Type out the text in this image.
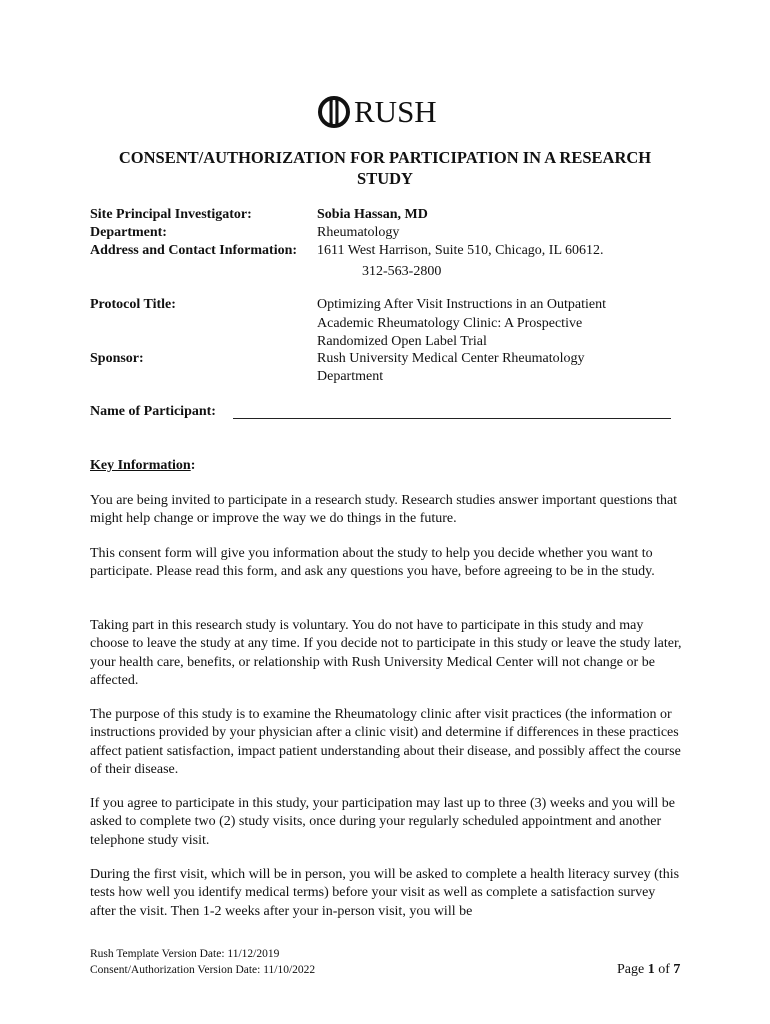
RUSH
CONSENT/AUTHORIZATION FOR PARTICIPATION IN A RESEARCH STUDY
Site Principal Investigator:	Sobia Hassan, MD
Department:	Rheumatology
Address and Contact Information: 1611 West Harrison, Suite 510, Chicago, IL 60612.
312-563-2800
Protocol Title:	Optimizing After Visit Instructions in an Outpatient
Academic Rheumatology Clinic: A Prospective
Randomized Open Label Trial
Sponsor:	Rush University Medical Center Rheumatology
Department
Name of Participant:
Key Information:

You are being invited to participate in a research study. Research studies answer important questions that might help change or improve the way we do things in the future.

This consent form will give you information about the study to help you decide whether you want to participate. Please read this form, and ask any questions you have, before agreeing to be in the study.

Taking part in this research study is voluntary. You do not have to participate in this study and may choose to leave the study at any time. If you decide not to participate in this study or leave the study later, your health care, benefits, or relationship with Rush University Medical Center will not change or be affected.

The purpose of this study is to examine the Rheumatology clinic after visit practices (the information or instructions provided by your physician after a clinic visit) and determine if differences in these practices affect patient satisfaction, impact patient understanding about their disease, and possibly affect the course of their disease.

If you agree to participate in this study, your participation may last up to three (3) weeks and you will be asked to complete two (2) study visits, once during your regularly scheduled appointment and another telephone study visit.

During the first visit, which will be in person, you will be asked to complete a health literacy survey (this tests how well you identify medical terms) before your visit as well as complete a satisfaction survey after the visit. Then 1-2 weeks after your in-person visit, you will be

Rush Template Version Date: 11/12/2019
Consent/Authorization Version Date: 11/10/2022	Page 1 of 7
